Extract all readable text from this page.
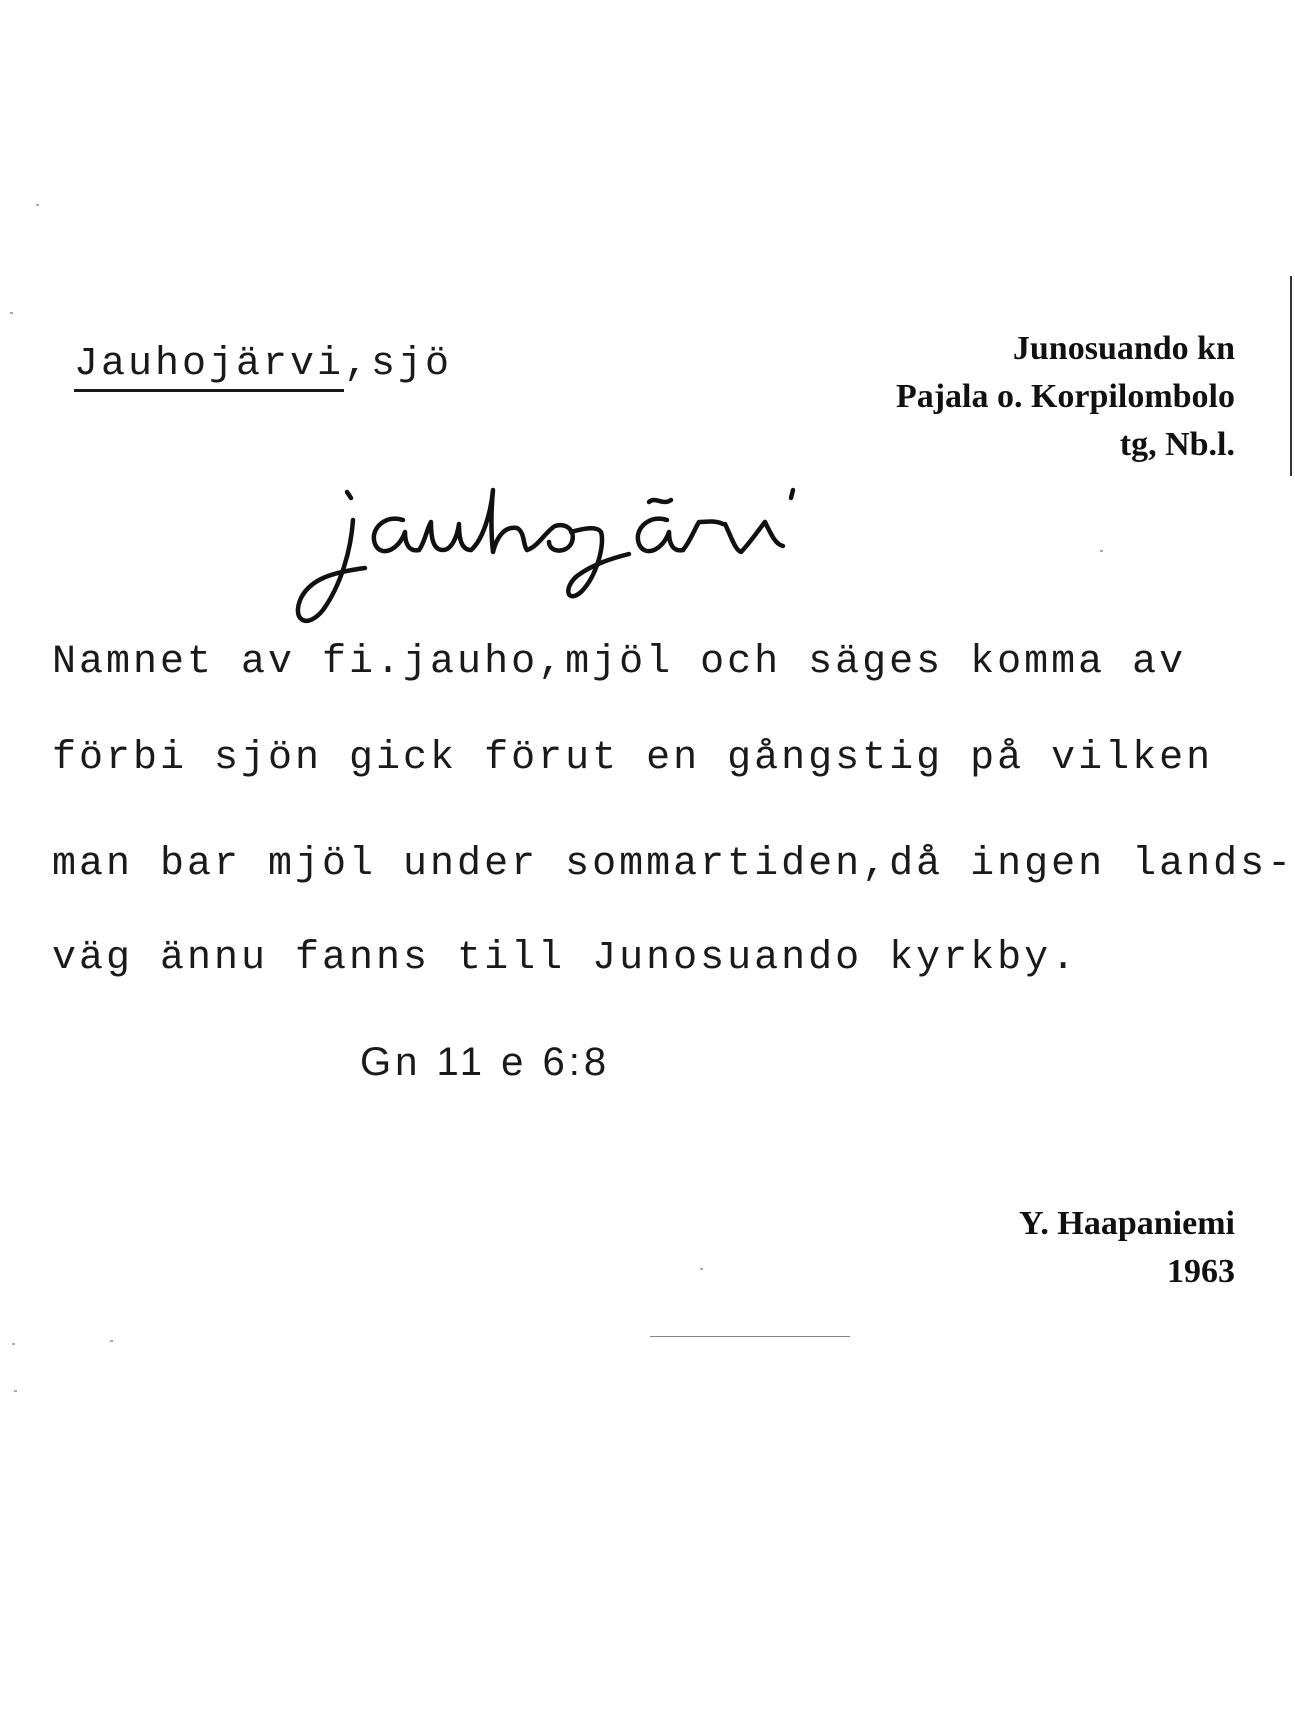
Jauhojärvi,sjö	Junosuando kn
Pajala o. Korpilombolo
tg, Nb.l.
Namnet av fi.jauho,mjöl och säges komma av
förbi sjön gick förut en gångstig på vilken
man bar mjöl under sommartiden,då ingen lands-
väg ännu fanns till Junosuando kyrkby.
Gn 11 e 6:8
Y. Haapaniemi
1963
